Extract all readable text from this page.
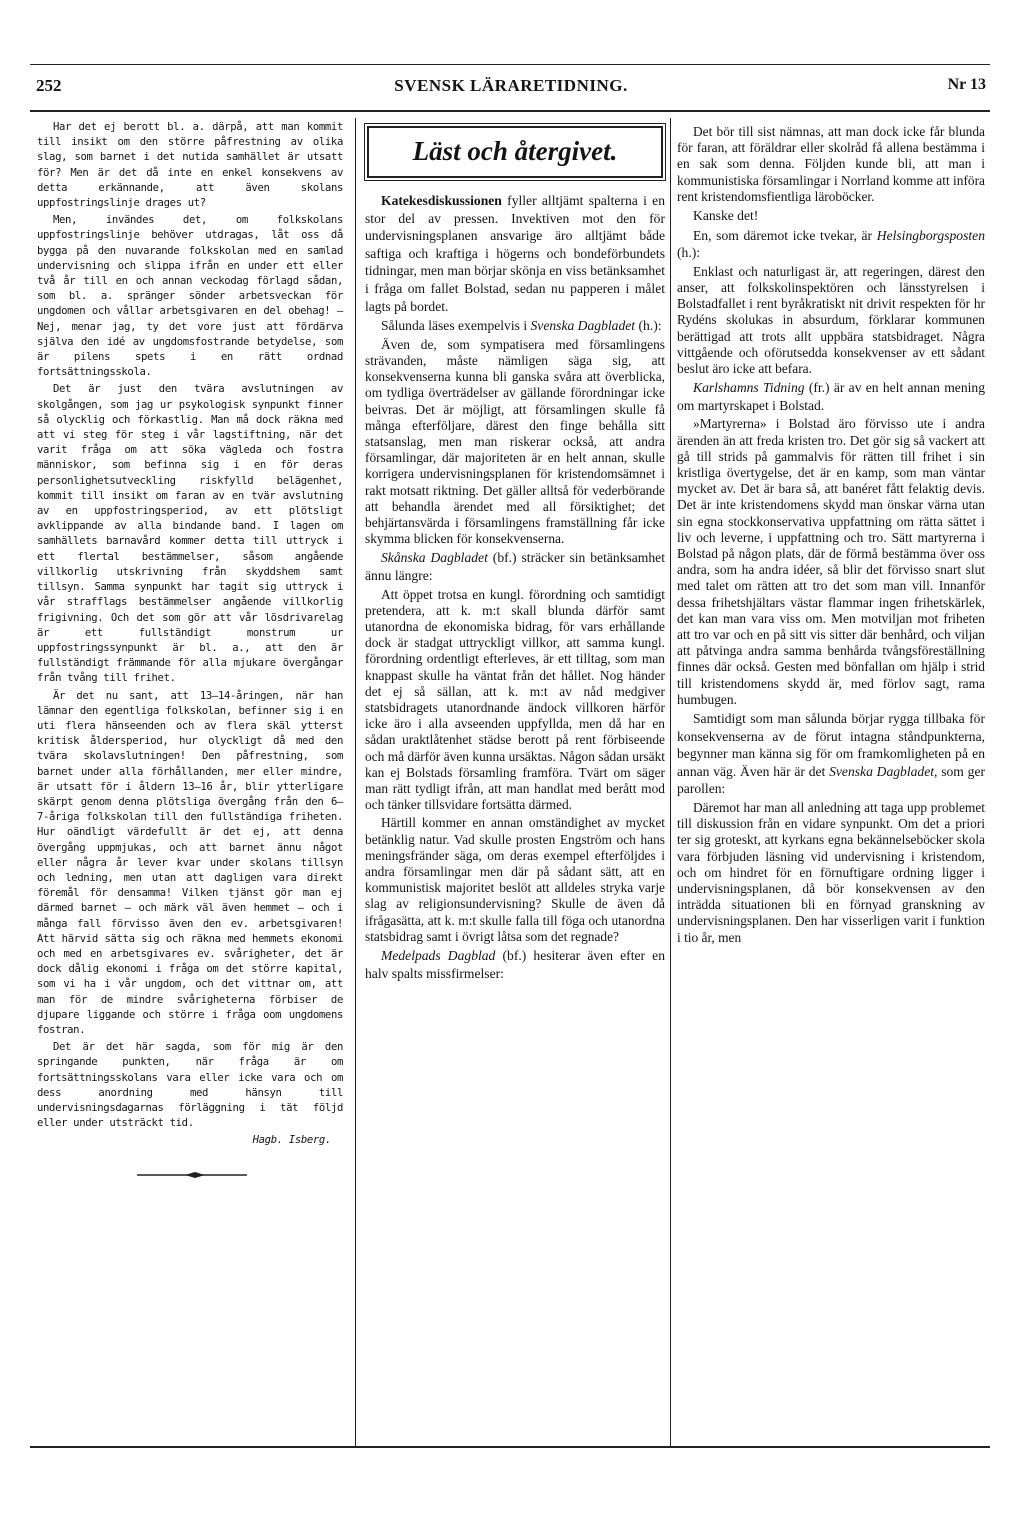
252	SVENSK LÄRARETIDNING.	Nr 13

Har det ej berott bl. a. därpå, att man kommit till insikt om den större påfrestning av olika slag, som barnet i det nutida samhället är utsatt för? Men är det då inte en enkel konsekvens av detta erkännande, att även skolans uppfostringslinje drages ut?

Men, invändes det, om folkskolans uppfostringslinje behöver utdragas, låt oss då bygga på den nuvarande folkskolan med en samlad undervisning och slippa ifrån en under ett eller två år till en och annan veckodag förlagd sådan, som bl. a. spränger sönder arbetsveckan för ungdomen och vållar arbetsgivaren en del obehag! — Nej, menar jag, ty det vore just att fördärva själva den idé av ungdomsfostrande betydelse, som är pilens spets i en rätt ordnad fortsättningsskola.

Det är just den tvära avslutningen av skolgången, som jag ur psykologisk synpunkt finner så olycklig och förkastlig. Man må dock räkna med att vi steg för steg i vår lagstiftning, när det varit fråga om att söka vägleda och fostra människor, som befinna sig i en för deras personlighetsutveckling riskfylld belägenhet, kommit till insikt om faran av en tvär avslutning av en uppfostringsperiod, av ett plötsligt avklippande av alla bindande band. I lagen om samhällets barnavård kommer detta till uttryck i ett flertal bestämmelser, såsom angående villkorlig utskrivning från skyddshem samt tillsyn. Samma synpunkt har tagit sig uttryck i vår strafflags bestämmelser angående villkorlig frigivning. Och det som gör att vår lösdrivarelag är ett fullständigt monstrum ur uppfostringssynpunkt är bl. a., att den är fullständigt främmande för alla mjukare övergångar från tvång till frihet.

Är det nu sant, att 13—14-åringen, när han lämnar den egentliga folkskolan, befinner sig i en uti flera hänseenden och av flera skäl ytterst kritisk åldersperiod, hur olyckligt då med den tvära skolavslutningen! Den påfrestning, som barnet under alla förhållanden, mer eller mindre, är utsatt för i åldern 13—16 år, blir ytterligare skärpt genom denna plötsliga övergång från den 6—7-åriga folkskolan till den fullständiga friheten. Hur oändligt värdefullt är det ej, att denna övergång uppmjukas, och att barnet ännu något eller några år lever kvar under skolans tillsyn och ledning, men utan att dagligen vara direkt föremål för densamma! Vilken tjänst gör man ej därmed barnet — och märk väl även hemmet — och i många fall förvisso även den ev. arbetsgivaren! Att härvid sätta sig och räkna med hemmets ekonomi och med en arbetsgivares ev. svårigheter, det är dock dålig ekonomi i fråga om det större kapital, som vi ha i vår ungdom, och det vittnar om, att man för de mindre svårigheterna förbiser de djupare liggande och större i fråga oom ungdomens fostran.

Det är det här sagda, som för mig är den springande punkten, när fråga är om fortsättningsskolans vara eller icke vara och om dess anordning med hänsyn till undervisningsdagarnas förläggning i tät följd eller under utsträckt tid.

Hagb. Isberg.

Läst och återgivet.

Katekesdiskussionen fyller alltjämt spalterna i en stor del av pressen. Invektiven mot den för undervisningsplanen ansvarige äro alltjämt både saftiga och kraftiga i högerns och bondeförbundets tidningar, men man börjar skönja en viss betänksamhet i fråga om fallet Bolstad, sedan nu papperen i målet lagts på bordet.

Sålunda läses exempelvis i Svenska Dagbladet (h.):

Även de, som sympatisera med församlingens strävanden, måste nämligen säga sig, att konsekvenserna kunna bli ganska svåra att överblicka, om tydliga överträdelser av gällande förordningar icke beivras. Det är möjligt, att församlingen skulle få många efterföljare, därest den finge behålla sitt statsanslag, men man riskerar också, att andra församlingar, där majoriteten är en helt annan, skulle korrigera undervisningsplanen för kristendomsämnet i rakt motsatt riktning. Det gäller alltså för vederbörande att behandla ärendet med all försiktighet; det behjärtansvärda i församlingens framställning får icke skymma blicken för konsekvenserna.

Skånska Dagbladet (bf.) sträcker sin betänksamhet ännu längre:

Att öppet trotsa en kungl. förordning och samtidigt pretendera, att k. m:t skall blunda därför samt utanordna de ekonomiska bidrag, för vars erhållande dock är stadgat uttryckligt villkor, att samma kungl. förordning ordentligt efterleves, är ett tilltag, som man knappast skulle ha väntat från det hållet. Nog händer det ej så sällan, att k. m:t av nåd medgiver statsbidragets utanordnande ändock villkoren härför icke äro i alla avseenden uppfyllda, men då har en sådan uraktlåtenhet städse berott på rent förbiseende och må därför även kunna ursäktas. Någon sådan ursäkt kan ej Bolstads församling framföra. Tvärt om säger man rätt tydligt ifrån, att man handlat med berått mod och tänker tillsvidare fortsätta därmed.

Härtill kommer en annan omständighet av mycket betänklig natur. Vad skulle prosten Engström och hans meningsfränder säga, om deras exempel efterföljdes i andra församlingar men där på sådant sätt, att en kommunistisk majoritet beslöt att alldeles stryka varje slag av religionsundervisning? Skulle de även då ifrågasätta, att k. m:t skulle falla till föga och utanordna statsbidrag samt i övrigt låtsa som det regnade?

Medelpads Dagblad (bf.) hesiterar även efter en halv spalts missfirmelser:

Det bör till sist nämnas, att man dock icke får blunda för faran, att föräldrar eller skolråd få allena bestämma i en sak som denna. Följden kunde bli, att man i kommunistiska församlingar i Norrland komme att införa rent kristendomsfientliga läroböcker.

Kanske det!

En, som däremot icke tvekar, är Helsingborgsposten (h.):

Enklast och naturligast är, att regeringen, därest den anser, att folkskolinspektören och länsstyrelsen i Bolstadfallet i rent byråkratiskt nit drivit respekten för hr Rydéns skolukas in absurdum, förklarar kommunen berättigad att trots allt uppbära statsbidraget. Några vittgående och oförutsedda konsekvenser av ett sådant beslut äro icke att befara.

Karlshamns Tidning (fr.) är av en helt annan mening om martyrskapet i Bolstad.

»Martyrerna» i Bolstad äro förvisso ute i andra ärenden än att freda kristen tro. Det gör sig så vackert att gå till strids på gammalvis för rätten till frihet i sin kristliga övertygelse, det är en kamp, som man väntar mycket av. Det är bara så, att banéret fått felaktig devis. Det är inte kristendomens skydd man önskar värna utan sin egna stockkonservativa uppfattning om rätta sättet i liv och leverne, i uppfattning och tro. Sätt martyrerna i Bolstad på någon plats, där de förmå bestämma över oss andra, som ha andra idéer, så blir det förvisso snart slut med talet om rätten att tro det som man vill. Innanför dessa frihetshjältars västar flammar ingen frihetskärlek, det kan man vara viss om. Men motviljan mot friheten att tro var och en på sitt vis sitter där benhård, och viljan att påtvinga andra samma benhårda tvångsföreställning finnes där också. Gesten med bönfallan om hjälp i strid till kristendomens skydd är, med förlov sagt, rama humbugen.

Samtidigt som man sålunda börjar rygga tillbaka för konsekvenserna av de förut intagna ståndpunkterna, begynner man känna sig för om framkomligheten på en annan väg. Även här är det Svenska Dagbladet, som ger parollen:

Däremot har man all anledning att taga upp problemet till diskussion från en vidare synpunkt. Om det a priori ter sig groteskt, att kyrkans egna bekännelseböcker skola vara förbjuden läsning vid undervisning i kristendom, och om hindret för en förnuftigare ordning ligger i undervisningsplanen, då bör konsekvensen av den inträdda situationen bli en förnyad granskning av undervisningsplanen. Den har visserligen varit i funktion i tio år, men
